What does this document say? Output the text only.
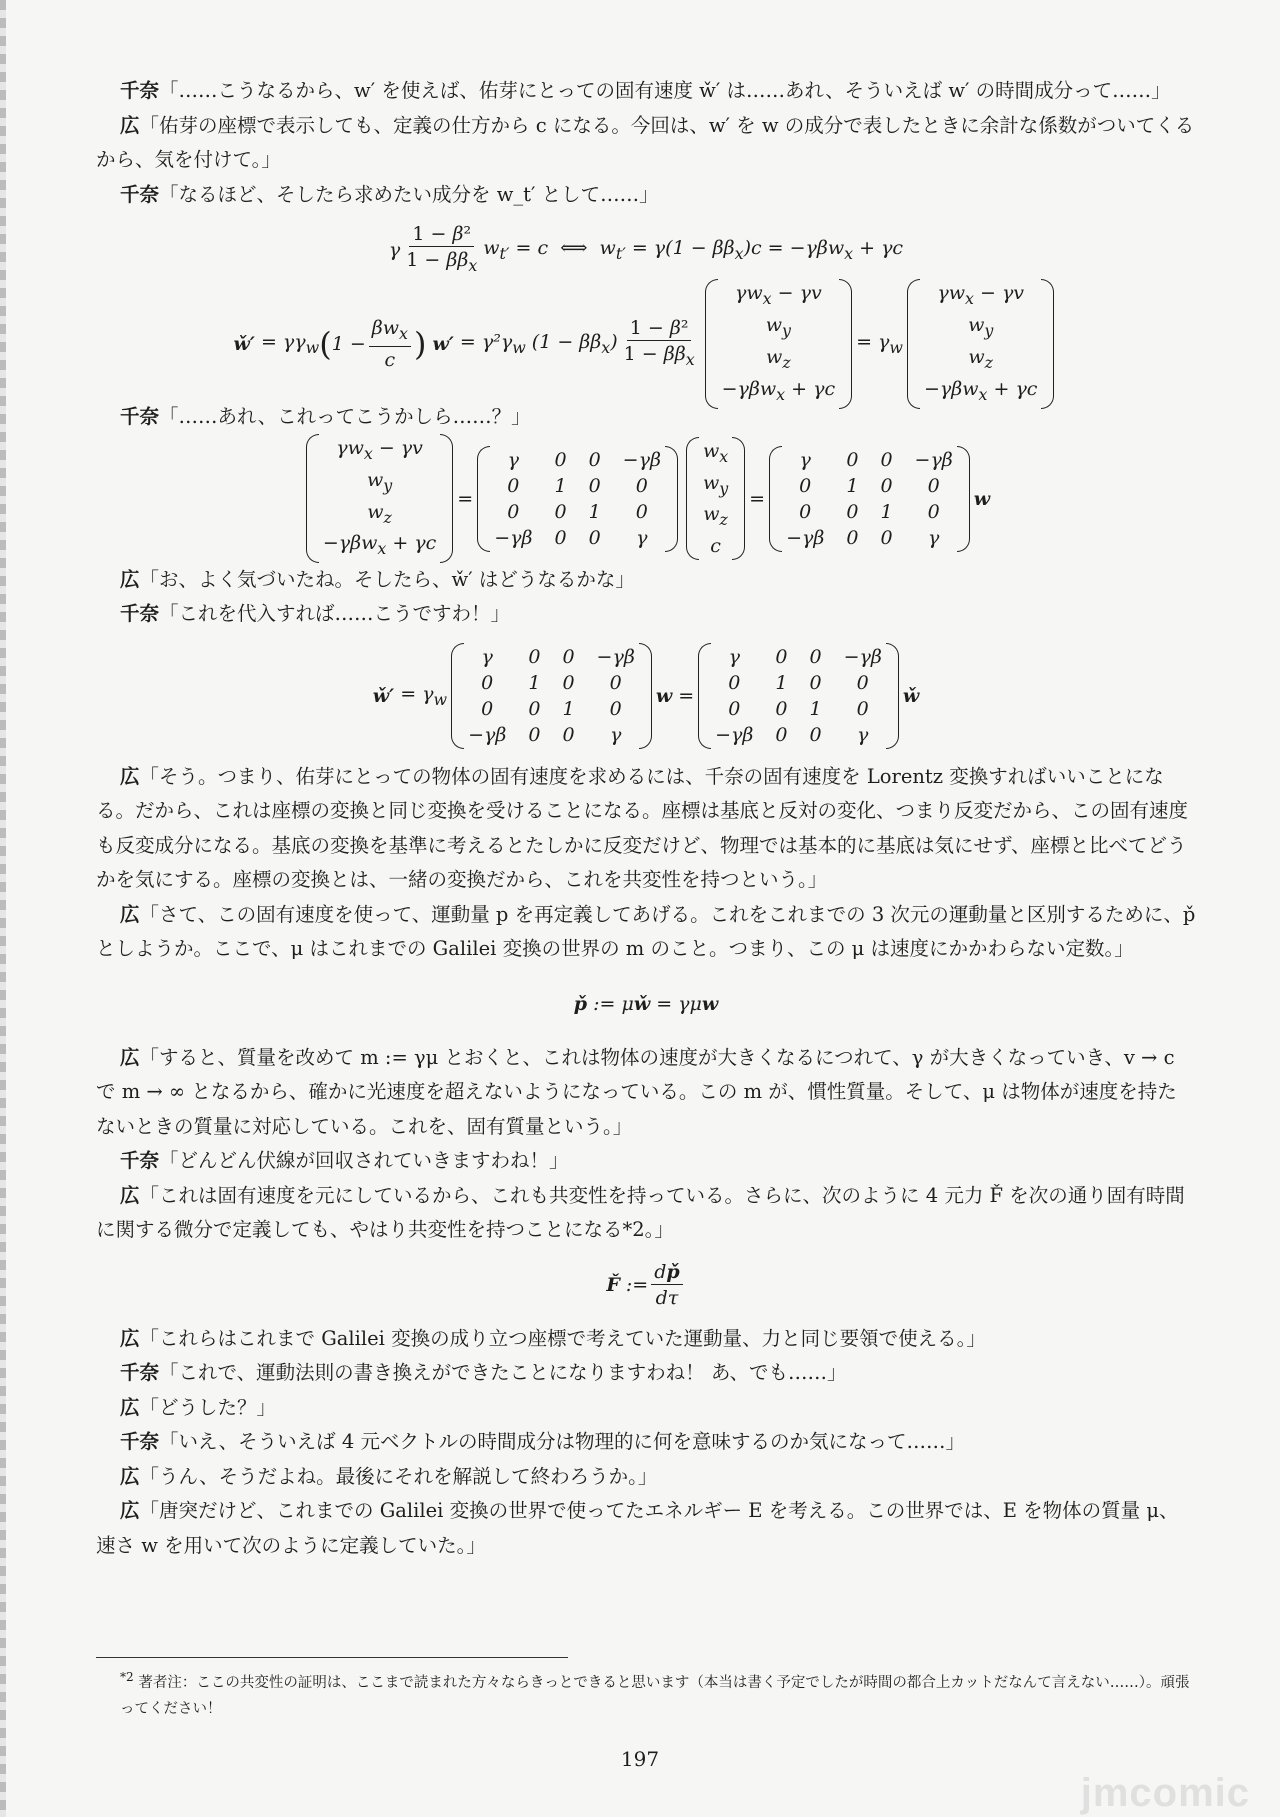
千奈「……こうなるから、w′ を使えば、佑芽にとっての固有速度 w̌′ は……あれ、そういえば w′ の時間成分って……」

広「佑芽の座標で表示しても、定義の仕方から c になる。今回は、w′ を w の成分で表したときに余計な係数がついてくるから、気を付けて。」

千奈「なるほど、そしたら求めたい成分を w_t′ として……」

γ $\frac{\text{1 − β²}}{1 - \beta\beta_x} w_{t'} = c$  ⟺  $w_{t'} = \gamma(1 - \beta\beta_x)c = -\gamma\beta w_x + \gamma c$
w̌′
= $\gamma\gamma_w$ ( $1 - \frac{\beta w_x}{c}$ )
w′
= $\gamma^2\gamma_w$ $(1 - \beta\beta_x) \frac{\text{1 − β²}}{1 - \beta\beta_x}$
$\gamma w_x - \gamma v$
$w_y$
$w_z$
−γβw$_x$ + γc
= $\gamma_w$
$\gamma w_x - \gamma v$
$w_y$
$w_z$
−γβw$_x$ + γc

千奈「……あれ、これってこうかしら……？」

$\gamma w_x - \gamma v$
$w_y$
$w_z$
−γβw$_x$ + γc
=
γ	0 0 −γβ
0	1 0	0
0	0 1	0
−γβ 0 0	γ
$w_x$
$w_y$
$w_z$
c
=
γ	0 0 −γβ
0	1 0	0
0	0 1	0
−γβ 0 0	γ
w

広「お、よく気づいたね。そしたら、w̌′ はどうなるかな」

千奈「これを代入すれば……こうですわ！」

w̌′
= $\gamma_w$
γ	0 0 −γβ
0	1 0	0
0	0 1	0
−γβ 0 0	γ
w
=
γ	0 0 −γβ
0	1 0	0
0	0 1	0
−γβ 0 0	γ
w̌

広「そう。つまり、佑芽にとっての物体の固有速度を求めるには、千奈の固有速度を Lorentz 変換すればいいことになる。だから、これは座標の変換と同じ変換を受けることになる。座標は基底と反対の変化、つまり反変だから、この固有速度も反変成分になる。基底の変換を基準に考えるとたしかに反変だけど、物理では基本的に基底は気にせず、座標と比べてどうかを気にする。座標の変換とは、一緒の変換だから、これを共変性を持つという。」

広「さて、この固有速度を使って、運動量 p を再定義してあげる。これをこれまでの 3 次元の運動量と区別するために、p̌ としようか。ここで、μ はこれまでの Galilei 変換の世界の m のこと。つまり、この μ は速度にかかわらない定数。」

p̌
:= μ w̌
= γμ w

広「すると、質量を改めて m := γμ とおくと、これは物体の速度が大きくなるにつれて、γ が大きくなっていき、v → c で m → ∞ となるから、確かに光速度を超えないようになっている。この m が、慣性質量。そして、μ は物体が速度を持たないときの質量に対応している。これを、固有質量という。」

千奈「どんどん伏線が回収されていきますわね！」

広「これは固有速度を元にしているから、これも共変性を持っている。さらに、次のように 4 元力 F̌ を次の通り固有時間に関する微分で定義しても、やはり共変性を持つことになる*2。」

F̌
:= $\frac{dp̌}{d\tau}$

広「これらはこれまで Galilei 変換の成り立つ座標で考えていた運動量、力と同じ要領で使える。」

千奈「これで、運動法則の書き換えができたことになりますわね！ あ、でも……」

広「どうした？」

千奈「いえ、そういえば 4 元ベクトルの時間成分は物理的に何を意味するのか気になって……」

広「うん、そうだよね。最後にそれを解説して終わろうか。」

広「唐突だけど、これまでの Galilei 変換の世界で使ってたエネルギー E を考える。この世界では、E を物体の質量 μ、速さ w を用いて次のように定義していた。」

$^{*2}$ 著者注：ここの共変性の証明は、ここまで読まれた方々ならきっとできると思います（本当は書く予定でしたが時間の都合上カットだなんて言えない……）。頑張ってください！
197
jmcomic
